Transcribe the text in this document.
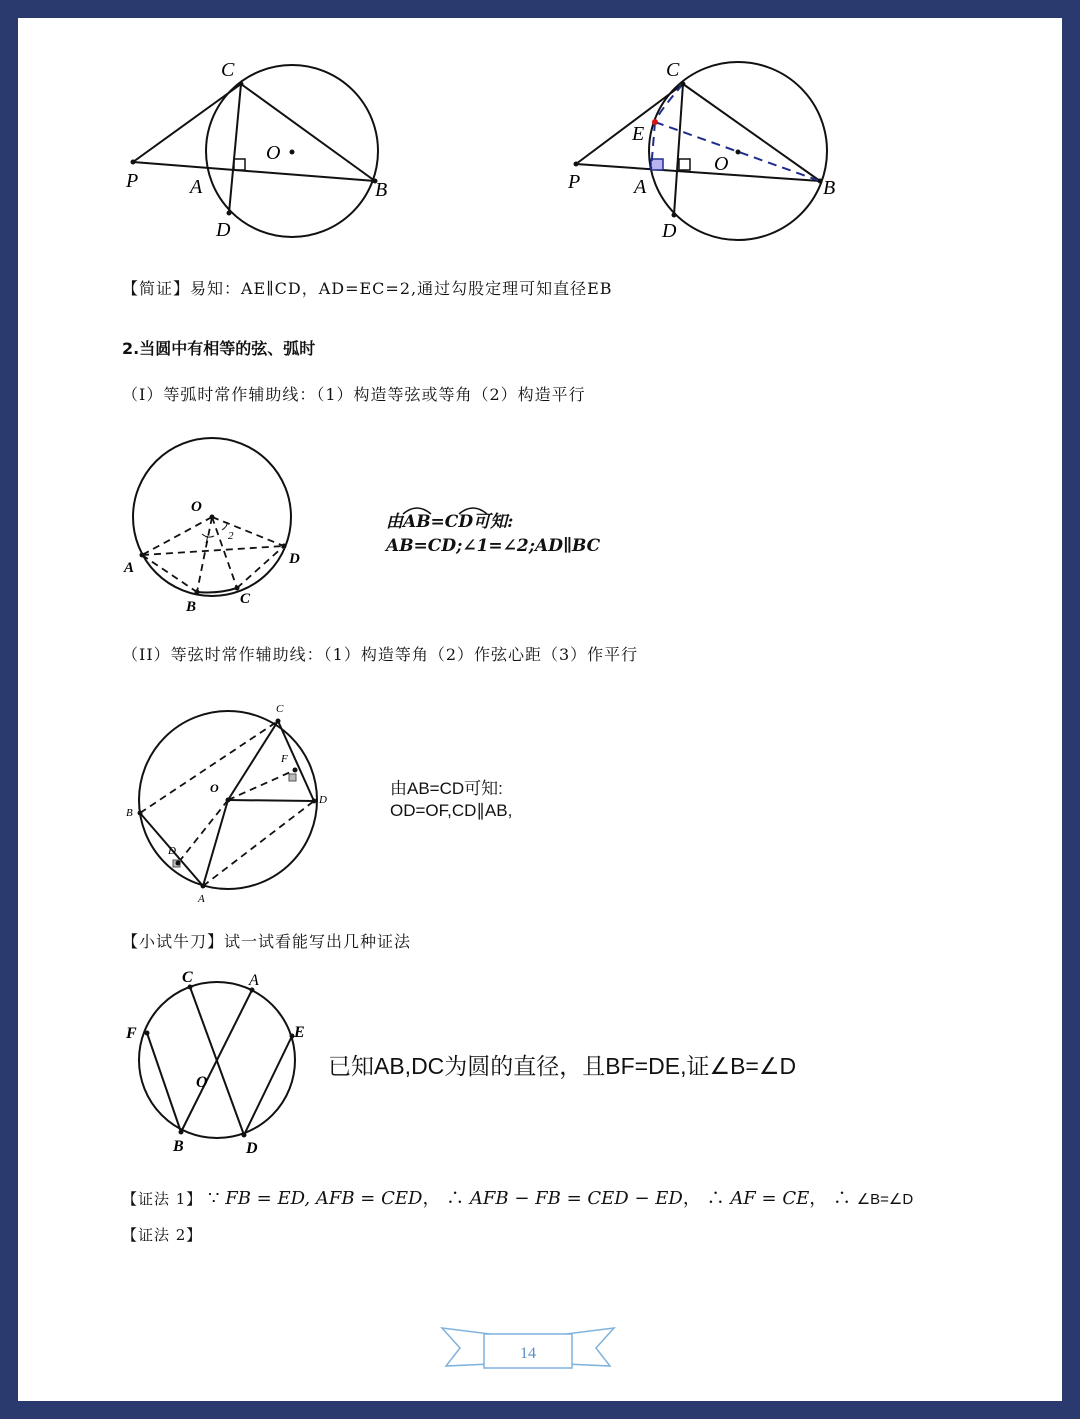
C
O
P	A	B
D
C
E
O
P	A	B
D
【简证】易知：AE∥CD，AD=EC=2,通过勾股定理可知直径EB
2.当圆中有相等的弦、弧时
（I）等弧时常作辅助线：（1）构造等弦或等角（2）构造平行
O
A
B	C
D
1 2
由AB=CD可知:
AB=CD;∠1=∠2;AD∥BC
（II）等弦时常作辅助线：（1）构造等角（2）作弦心距（3）作平行
C
F
O
B
D
D
A
由AB=CD可知:
OD=OF,CD∥AB,
【小试牛刀】试一试看能写出几种证法
C	A
F	E
O
B	D
已知AB,DC为圆的直径，且BF=DE,证∠B=∠D
【证法 1】 ∵ FB = ED, AFB = CED， ∴ AFB − FB = CED − ED， ∴ AF = CE， ∴ ∠B=∠D
【证法 2】
14
